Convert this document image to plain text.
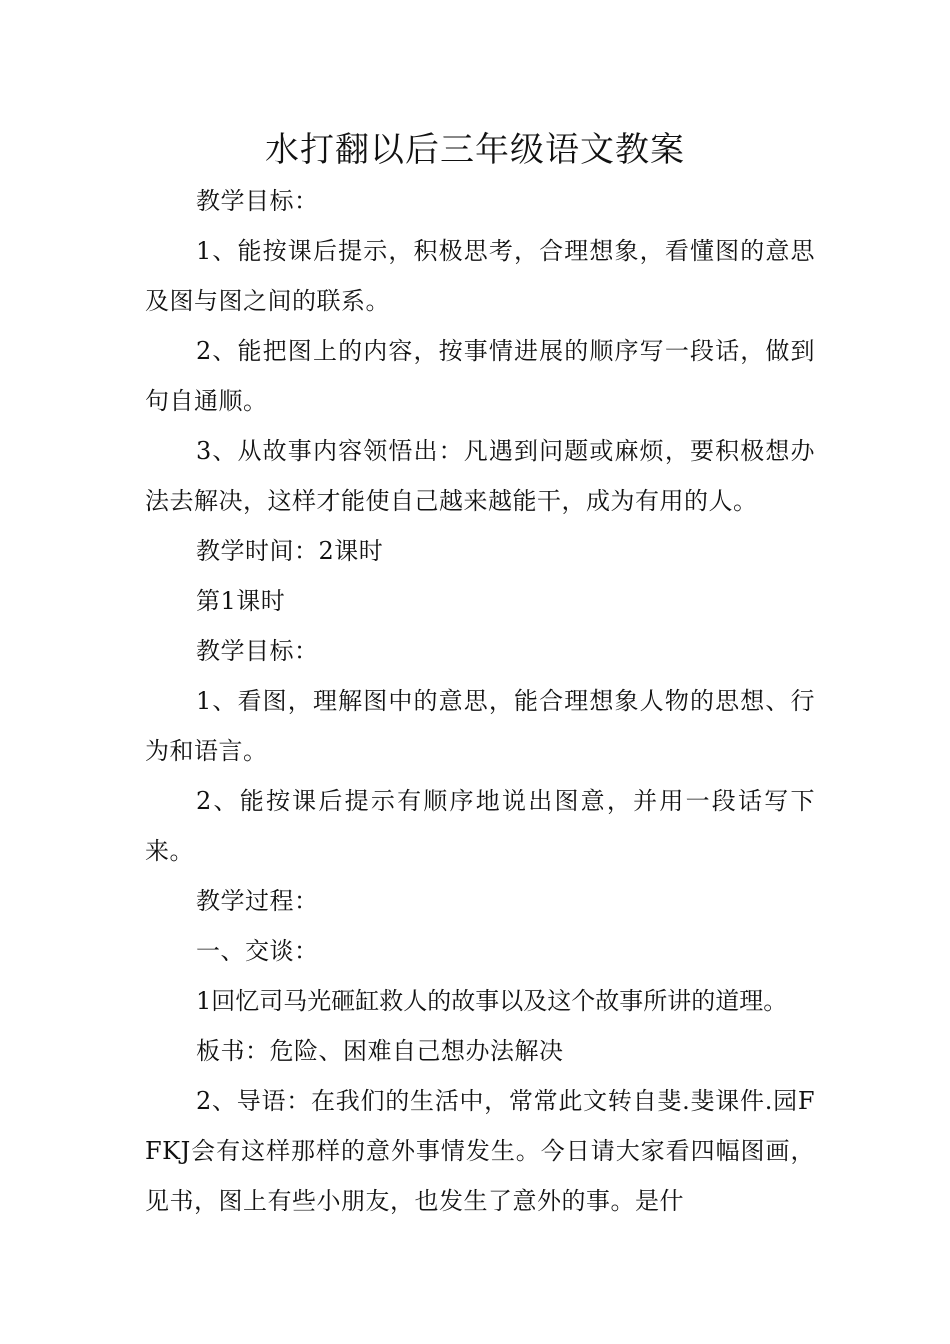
水打翻以后三年级语文教案

教学目标：

1、能按课后提示，积极思考，合理想象，看懂图的意思及图与图之间的联系。

2、能把图上的内容，按事情进展的顺序写一段话，做到句自通顺。

3、从故事内容领悟出：凡遇到问题或麻烦，要积极想办法去解决，这样才能使自己越来越能干，成为有用的人。

教学时间：2课时

第1课时

教学目标：

1、看图，理解图中的意思，能合理想象人物的思想、行为和语言。

2、能按课后提示有顺序地说出图意，并用一段话写下来。

教学过程：

一、交谈：

1回忆司马光砸缸救人的故事以及这个故事所讲的道理。

板书：危险、困难自己想办法解决

2、导语：在我们的生活中，常常此文转自斐.斐课件.园FFKJ会有这样那样的意外事情发生。今日请大家看四幅图画，见书，图上有些小朋友，也发生了意外的事。是什
